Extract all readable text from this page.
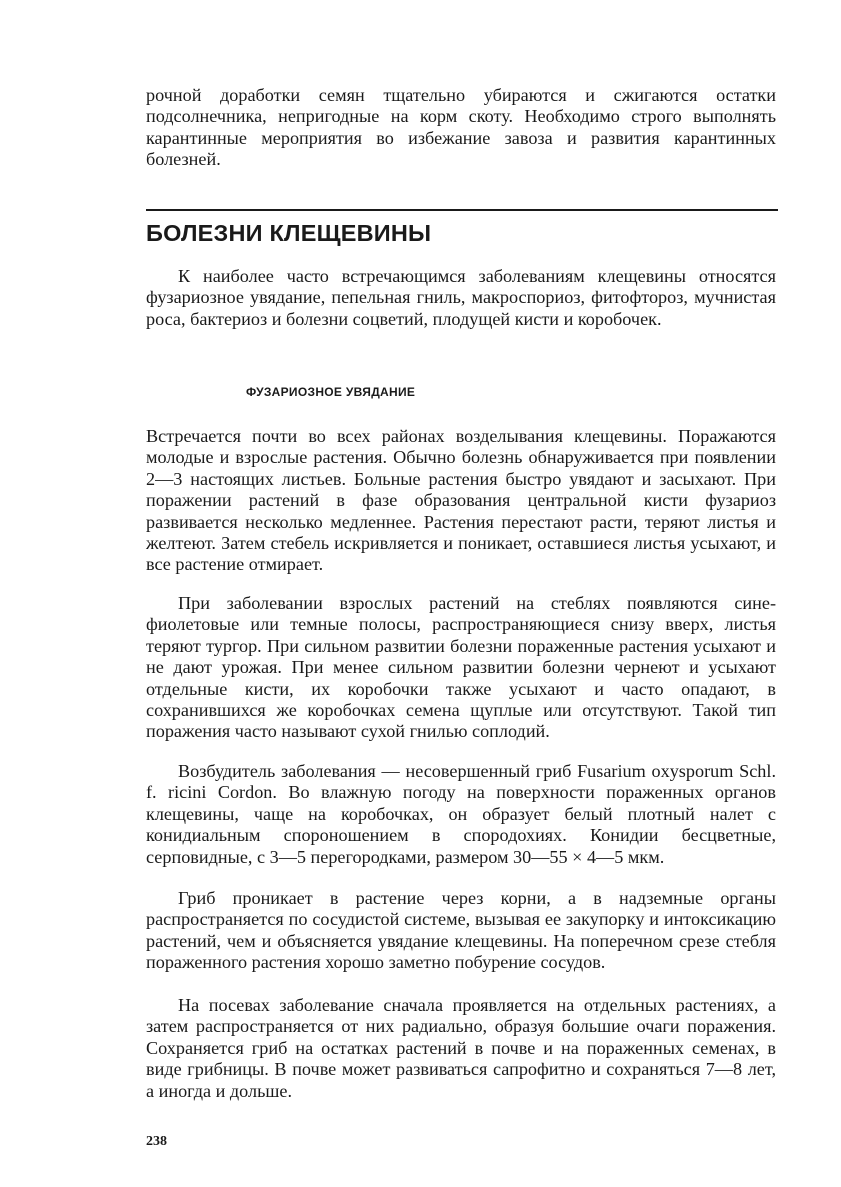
рочной доработки семян тщательно убираются и сжигаются остатки подсолнечника, непригодные на корм скоту. Необходимо строго выполнять карантинные мероприятия во избежание завоза и развития карантинных болезней.

БОЛЕЗНИ КЛЕЩЕВИНЫ

К наиболее часто встречающимся заболеваниям клещевины относятся фузариозное увядание, пепельная гниль, макроспориоз, фитофтороз, мучнистая роса, бактериоз и болезни соцветий, плодущей кисти и коробочек.

ФУЗАРИОЗНОЕ УВЯДАНИЕ

Встречается почти во всех районах возделывания клещевины. Поражаются молодые и взрослые растения. Обычно болезнь обнаруживается при появлении 2—3 настоящих листьев. Больные растения быстро увядают и засыхают. При поражении растений в фазе образования центральной кисти фузариоз развивается несколько медленнее. Растения перестают расти, теряют листья и желтеют. Затем стебель искривляется и поникает, оставшиеся листья усыхают, и все растение отмирает.

При заболевании взрослых растений на стеблях появляются сине-фиолетовые или темные полосы, распространяющиеся снизу вверх, листья теряют тургор. При сильном развитии болезни пораженные растения усыхают и не дают урожая. При менее сильном развитии болезни чернеют и усыхают отдельные кисти, их коробочки также усыхают и часто опадают, в сохранившихся же коробочках семена щуплые или отсутствуют. Такой тип поражения часто называют сухой гнилью соплодий.

Возбудитель заболевания — несовершенный гриб Fusarium oxysporum Schl. f. ricini Cordon. Во влажную погоду на поверхности пораженных органов клещевины, чаще на коробочках, он образует белый плотный налет с конидиальным спороношением в спородохиях. Конидии бесцветные, серповидные, с 3—5 перегородками, размером 30—55 × 4—5 мкм.

Гриб проникает в растение через корни, а в надземные органы распространяется по сосудистой системе, вызывая ее закупорку и интоксикацию растений, чем и объясняется увядание клещевины. На поперечном срезе стебля пораженного растения хорошо заметно побурение сосудов.

На посевах заболевание сначала проявляется на отдельных растениях, а затем распространяется от них радиально, образуя большие очаги поражения. Сохраняется гриб на остатках растений в почве и на пораженных семенах, в виде грибницы. В почве может развиваться сапрофитно и сохраняться 7—8 лет, а иногда и дольше.

238
